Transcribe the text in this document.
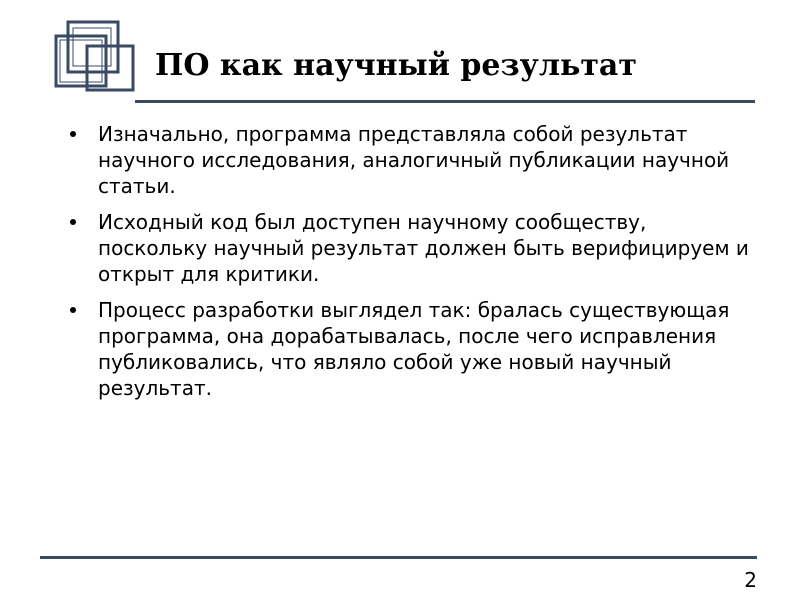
ПО как научный результат
Изначально, программа представляла собой результат научного исследования, аналогичный публикации научной статьи.
Исходный код был доступен научному сообществу, поскольку научный результат должен быть верифицируем и открыт для критики.
Процесс разработки выглядел так: бралась существующая программа, она дорабатывалась, после чего исправления публиковались, что являло собой уже новый научный результат.
2
